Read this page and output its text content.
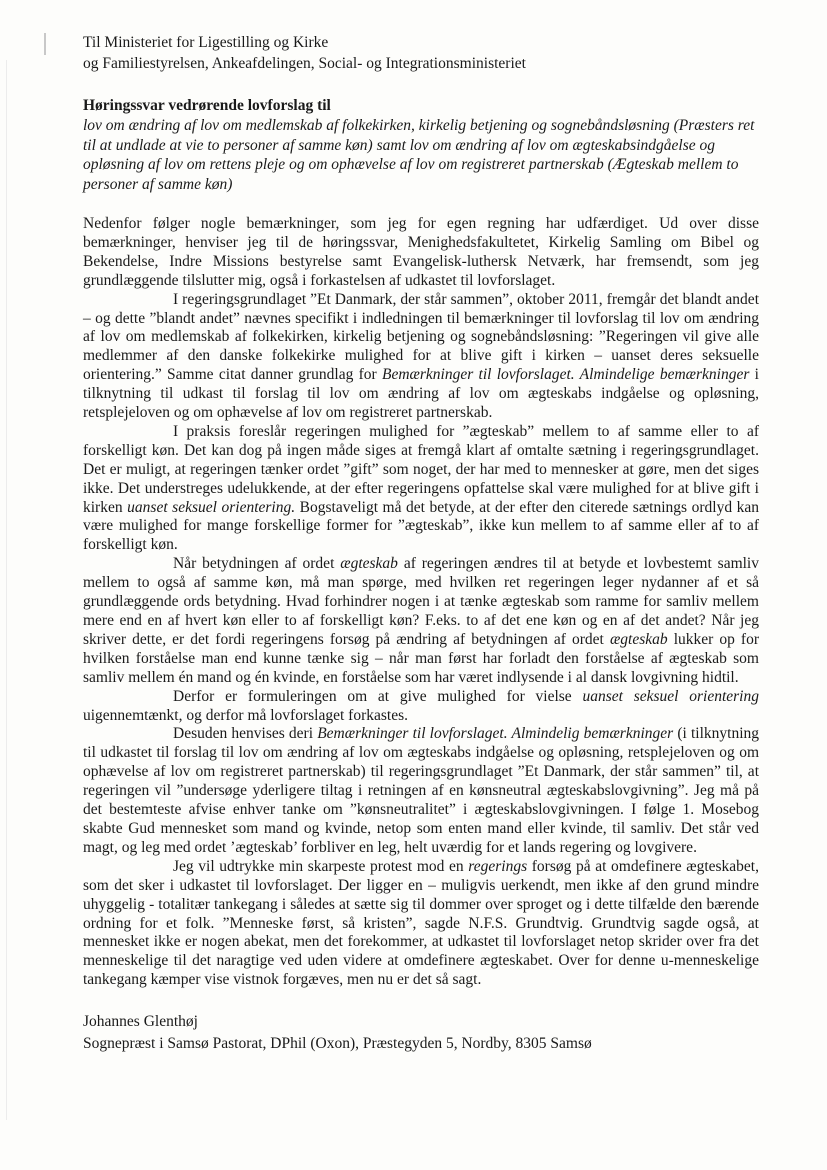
Til Ministeriet for Ligestilling og Kirke
og Familiestyrelsen, Ankeafdelingen, Social- og Integrationsministeriet
Høringssvar vedrørende lovforslag til
lov om ændring af lov om medlemskab af folkekirken, kirkelig betjening og sognebåndsløsning (Præsters ret til at undlade at vie to personer af samme køn) samt lov om ændring af lov om ægteskabsindgåelse og opløsning af lov om rettens pleje og om ophævelse af lov om registreret partnerskab (Ægteskab mellem to personer af samme køn)

Nedenfor følger nogle bemærkninger, som jeg for egen regning har udfærdiget. Ud over disse bemærkninger, henviser jeg til de høringssvar, Menighedsfakultetet, Kirkelig Samling om Bibel og Bekendelse, Indre Missions bestyrelse samt Evangelisk-luthersk Netværk, har fremsendt, som jeg grundlæggende tilslutter mig, også i forkastelsen af udkastet til lovforslaget.

I regeringsgrundlaget ”Et Danmark, der står sammen”, oktober 2011, fremgår det blandt andet – og dette ”blandt andet” nævnes specifikt i indledningen til bemærkninger til lovforslag til lov om ændring af lov om medlemskab af folkekirken, kirkelig betjening og sognebåndsløsning: ”Regeringen vil give alle medlemmer af den danske folkekirke mulighed for at blive gift i kirken – uanset deres seksuelle orientering.” Samme citat danner grundlag for Bemærkninger til lovforslaget. Almindelige bemærkninger i tilknytning til udkast til forslag til lov om ændring af lov om ægteskabs indgåelse og opløsning, retsplejeloven og om ophævelse af lov om registreret partnerskab.

I praksis foreslår regeringen mulighed for ”ægteskab” mellem to af samme eller to af forskelligt køn. Det kan dog på ingen måde siges at fremgå klart af omtalte sætning i regeringsgrundlaget. Det er muligt, at regeringen tænker ordet ”gift” som noget, der har med to mennesker at gøre, men det siges ikke. Det understreges udelukkende, at der efter regeringens opfattelse skal være mulighed for at blive gift i kirken uanset seksuel orientering. Bogstaveligt må det betyde, at der efter den citerede sætnings ordlyd kan være mulighed for mange forskellige former for ”ægteskab”, ikke kun mellem to af samme eller af to af forskelligt køn.

Når betydningen af ordet ægteskab af regeringen ændres til at betyde et lovbestemt samliv mellem to også af samme køn, må man spørge, med hvilken ret regeringen leger nydanner af et så grundlæggende ords betydning. Hvad forhindrer nogen i at tænke ægteskab som ramme for samliv mellem mere end en af hvert køn eller to af forskelligt køn? F.eks. to af det ene køn og en af det andet? Når jeg skriver dette, er det fordi regeringens forsøg på ændring af betydningen af ordet ægteskab lukker op for hvilken forståelse man end kunne tænke sig – når man først har forladt den forståelse af ægteskab som samliv mellem én mand og én kvinde, en forståelse som har været indlysende i al dansk lovgivning hidtil.

Derfor er formuleringen om at give mulighed for vielse uanset seksuel orientering uigennemtænkt, og derfor må lovforslaget forkastes.

Desuden henvises deri Bemærkninger til lovforslaget. Almindelig bemærkninger (i tilknytning til udkastet til forslag til lov om ændring af lov om ægteskabs indgåelse og opløsning, retsplejeloven og om ophævelse af lov om registreret partnerskab) til regeringsgrundlaget ”Et Danmark, der står sammen” til, at regeringen vil ”undersøge yderligere tiltag i retningen af en kønsneutral ægteskabslovgivning”. Jeg må på det bestemteste afvise enhver tanke om ”kønsneutralitet” i ægteskabslovgivningen. I følge 1. Mosebog skabte Gud mennesket som mand og kvinde, netop som enten mand eller kvinde, til samliv. Det står ved magt, og leg med ordet ’ægteskab’ forbliver en leg, helt uværdig for et lands regering og lovgivere.

Jeg vil udtrykke min skarpeste protest mod en regerings forsøg på at omdefinere ægteskabet, som det sker i udkastet til lovforslaget. Der ligger en – muligvis uerkendt, men ikke af den grund mindre uhyggelig - totalitær tankegang i således at sætte sig til dommer over sproget og i dette tilfælde den bærende ordning for et folk. ”Menneske først, så kristen”, sagde N.F.S. Grundtvig. Grundtvig sagde også, at mennesket ikke er nogen abekat, men det forekommer, at udkastet til lovforslaget netop skrider over fra det menneskelige til det naragtige ved uden videre at omdefinere ægteskabet. Over for denne u-menneskelige tankegang kæmper vise vistnok forgæves, men nu er det så sagt.

Johannes Glenthøj
Sognepræst i Samsø Pastorat, DPhil (Oxon), Præstegyden 5, Nordby, 8305 Samsø
